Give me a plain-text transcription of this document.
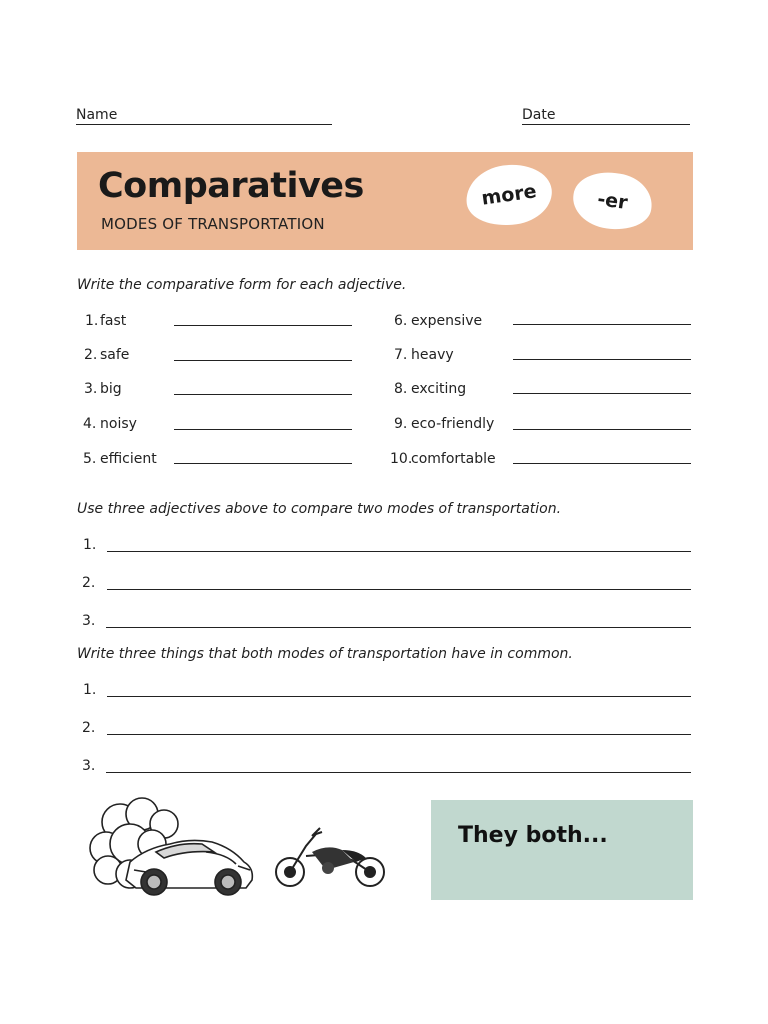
Name	Date
Comparatives
MODES OF TRANSPORTATION
more	-er
Write the comparative form for each adjective.
1. fast
2. safe
3. big
4. noisy
5. efficient
6. expensive
7. heavy
8. exciting
9. eco-friendly
10.
comfortable
Use three adjectives above to compare two modes of transportation.
1.
2.
3.
Write three things that both modes of transportation have in common.
1.
2.
3.
They both...
